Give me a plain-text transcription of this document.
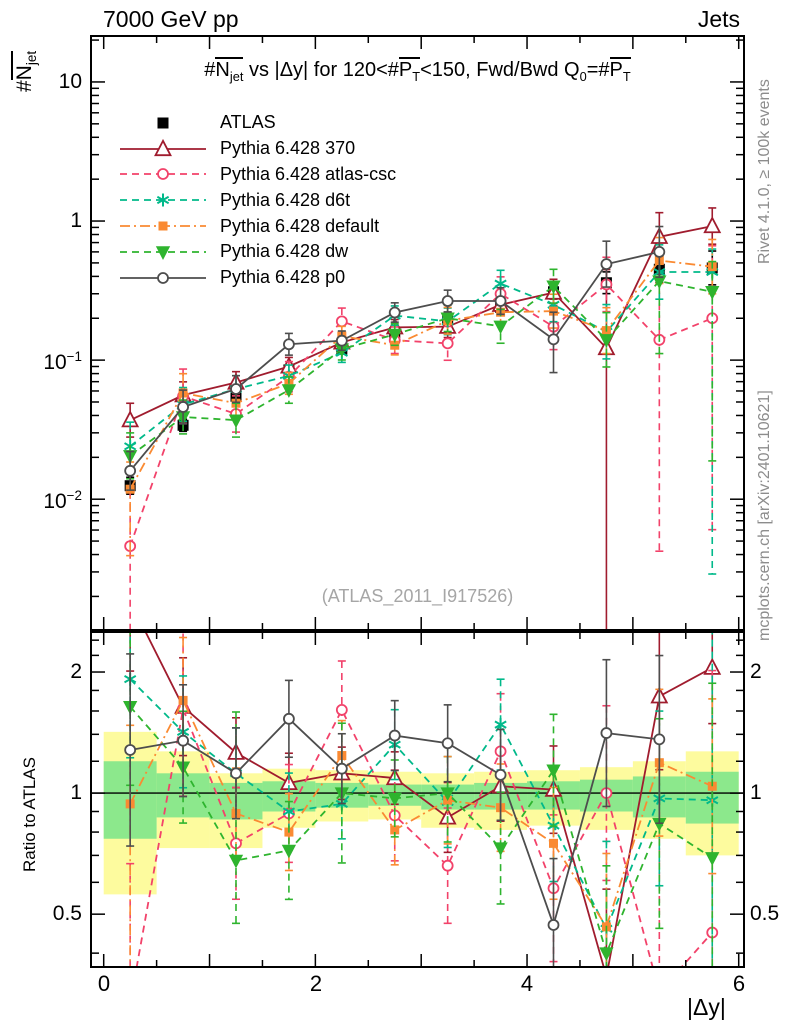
7000 GeV pp	Jets
$\#N_{jet}$ vs |Δy| for $120<\#P_T<150$, Fwd/Bwd $Q_0=\#P_T$
$\#N_{jet}$
Ratio to ATLAS
Rivet 4.1.0, ≥ 100k events
mcplots.cern.ch [arXiv:2401.10621]
(ATLAS_2011_I917526)
10
1
$10^{-1}$
$10^{-2}$
2
1
0.5
2
1
0.5
0	2	4	6
|Δy|
ATLAS
Pythia 6.428 370
Pythia 6.428 atlas-csc
Pythia 6.428 d6t
Pythia 6.428 default
Pythia 6.428 dw
Pythia 6.428 p0
